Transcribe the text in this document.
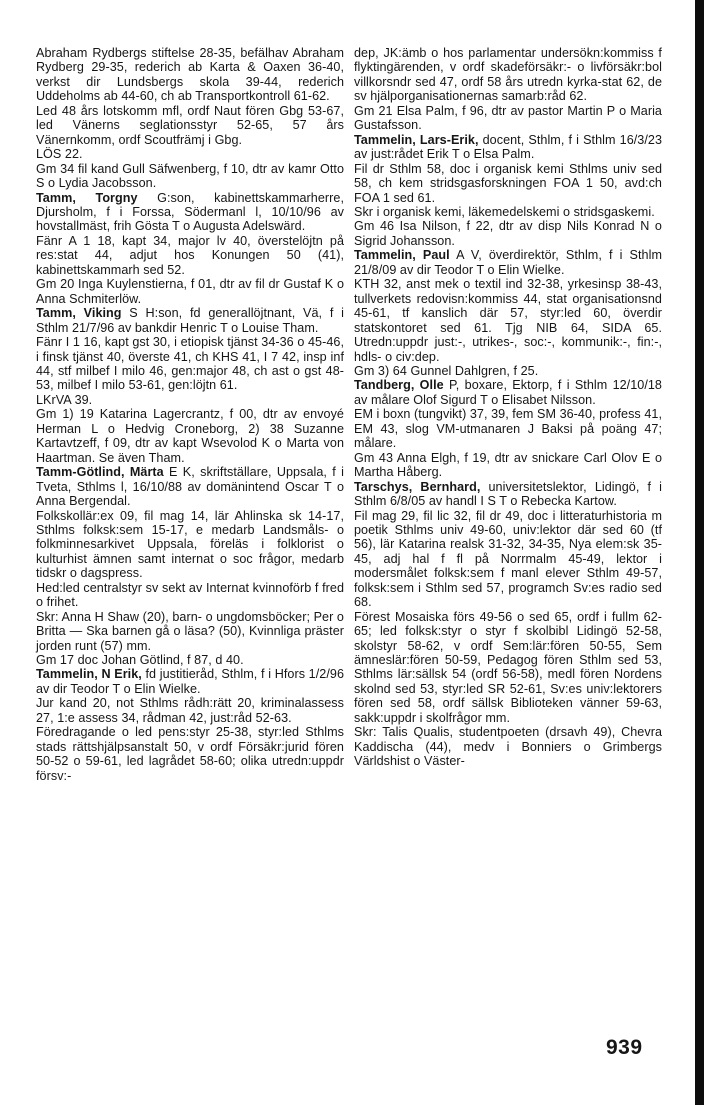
Abraham Rydbergs stiftelse 28-35, befälhav Abraham Rydberg 29-35, rederich ab Karta & Oaxen 36-40, verkst dir Lundsbergs skola 39-44, rederich Uddeholms ab 44-60, ch ab Transportkontroll 61-62.

Led 48 års lotskomm mfl, ordf Naut fören Gbg 53-67, led Vänerns seglationsstyr 52-65, 57 års Vänernkomm, ordf Scoutfrämj i Gbg.

LÖS 22.

Gm 34 fil kand Gull Säfwenberg, f 10, dtr av kamr Otto S o Lydia Jacobsson.

Tamm, Torgny G:son, kabinettskammarherre, Djursholm, f i Forssa, Södermanl l, 10/10/96 av hovstallmäst, frih Gösta T o Augusta Adelswärd.

Fänr A 1 18, kapt 34, major lv 40, överstelöjtn på res:stat 44, adjut hos Konungen 50 (41), kabinettskammarh sed 52.

Gm 20 Inga Kuylenstierna, f 01, dtr av fil dr Gustaf K o Anna Schmiterlöw.

Tamm, Viking S H:son, fd generallöjtnant, Vä, f i Sthlm 21/7/96 av bankdir Henric T o Louise Tham.

Fänr I 1 16, kapt gst 30, i etiopisk tjänst 34-36 o 45-46, i finsk tjänst 40, överste 41, ch KHS 41, I 7 42, insp inf 44, stf milbef I milo 46, gen:major 48, ch ast o gst 48-53, milbef I milo 53-61, gen:löjtn 61.

LKrVA 39.

Gm 1) 19 Katarina Lagercrantz, f 00, dtr av envoyé Herman L o Hedvig Croneborg, 2) 38 Suzanne Kartavtzeff, f 09, dtr av kapt Wsevolod K o Marta von Haartman. Se även Tham.

Tamm-Götlind, Märta E K, skriftställare, Uppsala, f i Tveta, Sthlms l, 16/10/88 av domänintend Oscar T o Anna Bergendal.

Folkskollär:ex 09, fil mag 14, lär Ahlinska sk 14-17, Sthlms folksk:sem 15-17, e medarb Landsmåls- o folkminnesarkivet Uppsala, föreläs i folklorist o kulturhist ämnen samt internat o soc frågor, medarb tidskr o dagspress.

Hed:led centralstyr sv sekt av Internat kvinnoförb f fred o frihet.

Skr: Anna H Shaw (20), barn- o ungdomsböcker; Per o Britta — Ska barnen gå o läsa? (50), Kvinnliga präster jorden runt (57) mm.

Gm 17 doc Johan Götlind, f 87, d 40.

Tammelin, N Erik, fd justitieråd, Sthlm, f i Hfors 1/2/96 av dir Teodor T o Elin Wielke.

Jur kand 20, not Sthlms rådh:rätt 20, kriminalassess 27, 1:e assess 34, rådman 42, just:råd 52-63.

Föredragande o led pens:styr 25-38, styr:led Sthlms stads rättshjälpsanstalt 50, v ordf Försäkr:jurid fören 50-52 o 59-61, led lagrådet 58-60; olika utredn:uppdr försv:-

dep, JK:ämb o hos parlamentar undersökn:kommiss f flyktingärenden, v ordf skadeförsäkr:- o livförsäkr:bol villkorsndr sed 47, ordf 58 års utredn kyrka-stat 62, de sv hjälporganisationernas samarb:råd 62.

Gm 21 Elsa Palm, f 96, dtr av pastor Martin P o Maria Gustafsson.

Tammelin, Lars-Erik, docent, Sthlm, f i Sthlm 16/3/23 av just:rådet Erik T o Elsa Palm.

Fil dr Sthlm 58, doc i organisk kemi Sthlms univ sed 58, ch kem stridsgasforskningen FOA 1 50, avd:ch FOA 1 sed 61.

Skr i organisk kemi, läkemedelskemi o stridsgaskemi.

Gm 46 Isa Nilson, f 22, dtr av disp Nils Konrad N o Sigrid Johansson.

Tammelin, Paul A V, överdirektör, Sthlm, f i Sthlm 21/8/09 av dir Teodor T o Elin Wielke.

KTH 32, anst mek o textil ind 32-38, yrkesinsp 38-43, tullverkets redovisn:kommiss 44, stat organisationsnd 45-61, tf kanslich där 57, styr:led 60, överdir statskontoret sed 61. Tjg NIB 64, SIDA 65. Utredn:uppdr just:-, utrikes-, soc:-, kommunik:-, fin:-, hdls- o civ:dep.

Gm 3) 64 Gunnel Dahlgren, f 25.

Tandberg, Olle P, boxare, Ektorp, f i Sthlm 12/10/18 av målare Olof Sigurd T o Elisabet Nilsson.

EM i boxn (tungvikt) 37, 39, fem SM 36-40, profess 41, EM 43, slog VM-utmanaren J Baksi på poäng 47; målare.

Gm 43 Anna Elgh, f 19, dtr av snickare Carl Olov E o Martha Håberg.

Tarschys, Bernhard, universitetslektor, Lidingö, f i Sthlm 6/8/05 av handl I S T o Rebecka Kartow.

Fil mag 29, fil lic 32, fil dr 49, doc i litteraturhistoria m poetik Sthlms univ 49-60, univ:lektor där sed 60 (tf 56), lär Katarina realsk 31-32, 34-35, Nya elem:sk 35-45, adj hal f fl på Norrmalm 45-49, lektor i modersmålet folksk:sem f manl elever Sthlm 49-57, folksk:sem i Sthlm sed 57, programch Sv:es radio sed 68.

Förest Mosaiska förs 49-56 o sed 65, ordf i fullm 62-65; led folksk:styr o styr f skolbibl Lidingö 52-58, skolstyr 58-62, v ordf Sem:lär:fören 50-55, Sem ämneslär:fören 50-59, Pedagog fören Sthlm sed 53, Sthlms lär:sällsk 54 (ordf 56-58), medl fören Nordens skolnd sed 53, styr:led SR 52-61, Sv:es univ:lektorers fören sed 58, ordf sällsk Biblioteken vänner 59-63, sakk:uppdr i skolfrågor mm.

Skr: Talis Qualis, studentpoeten (drsavh 49), Chevra Kaddischa (44), medv i Bonniers o Grimbergs Världshist o Väster-

939
